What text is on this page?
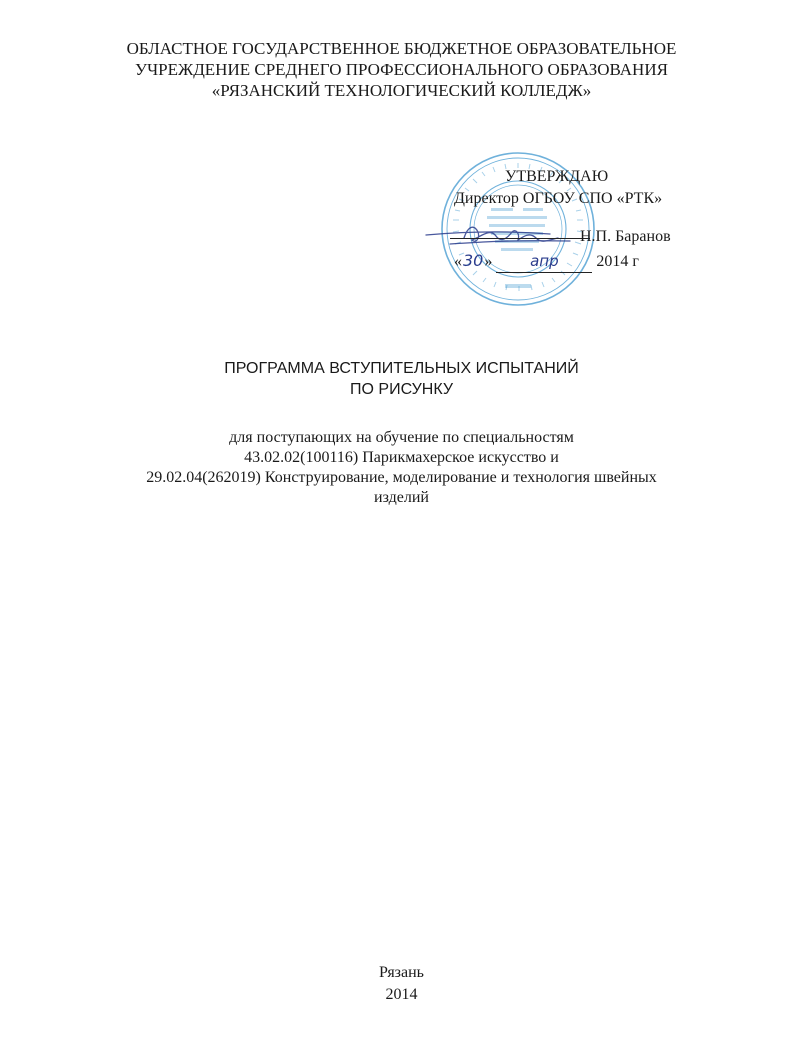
ОБЛАСТНОЕ ГОСУДАРСТВЕННОЕ БЮДЖЕТНОЕ ОБРАЗОВАТЕЛЬНОЕ
УЧРЕЖДЕНИЕ СРЕДНЕГО ПРОФЕССИОНАЛЬНОГО ОБРАЗОВАНИЯ
«РЯЗАНСКИЙ ТЕХНОЛОГИЧЕСКИЙ КОЛЛЕДЖ»
УТВЕРЖДАЮ
Директор ОГБОУ СПО «РТК»
Н.П. Баранов
«30»	апр 2014 г
ПРОГРАММА ВСТУПИТЕЛЬНЫХ ИСПЫТАНИЙ
ПО РИСУНКУ
для поступающих на обучение по специальностям
43.02.02(100116) Парикмахерское искусство и
29.02.04(262019) Конструирование, моделирование и технология швейных
изделий
Рязань
2014
